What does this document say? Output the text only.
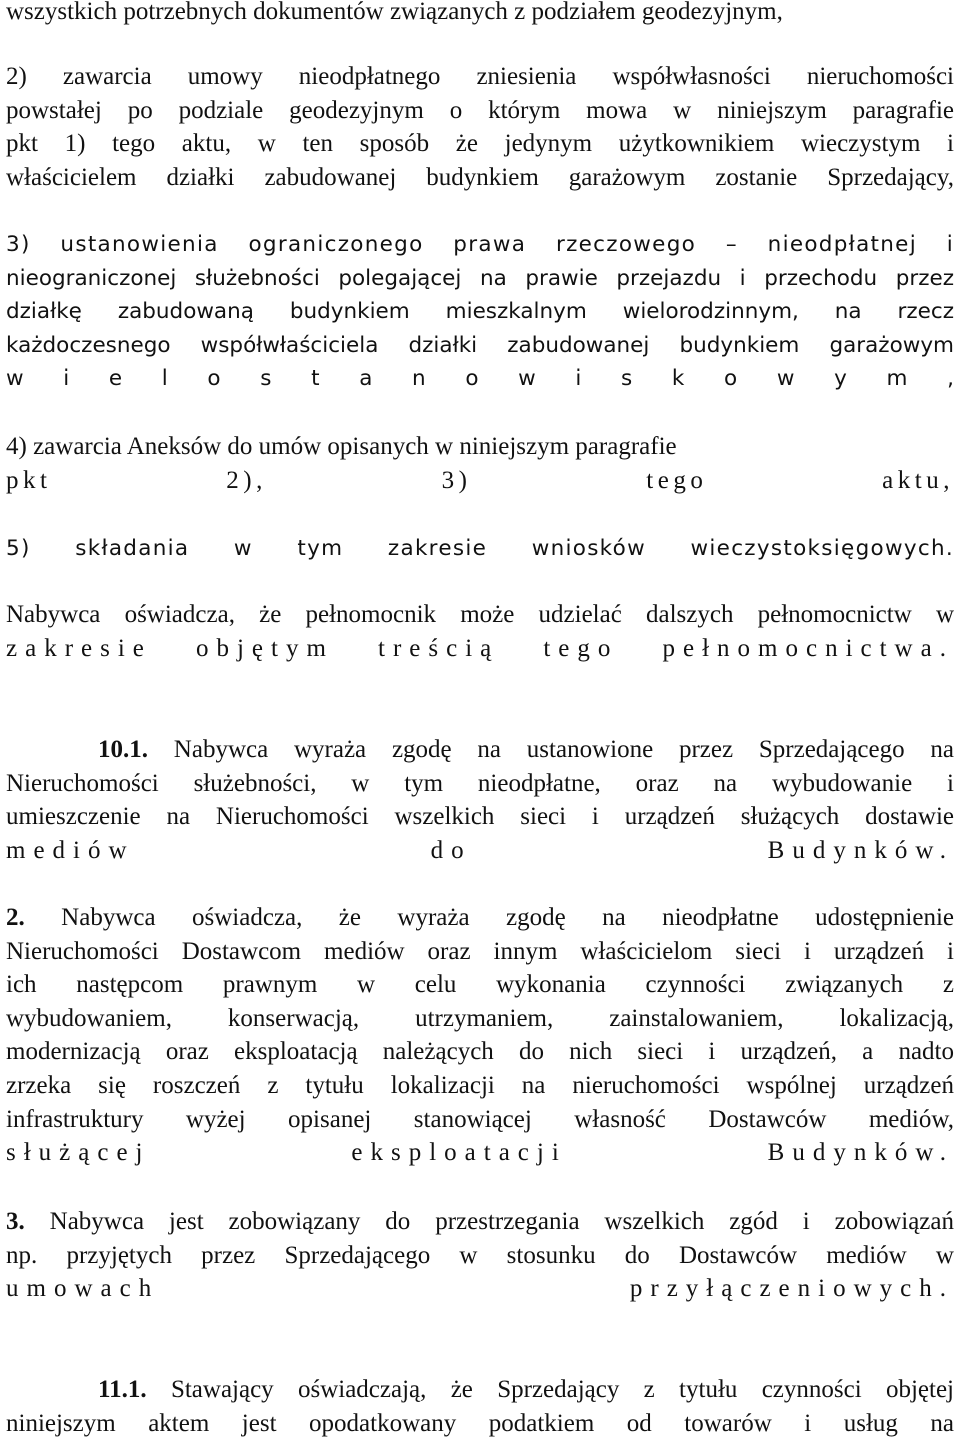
wszystkich potrzebnych dokumentów związanych z podziałem geodezyjnym,
2) zawarcia umowy nieodpłatnego zniesienia współwłasności nieruchomości
powstałej po podziale geodezyjnym o którym mowa w niniejszym paragrafie
pkt 1) tego aktu, w ten sposób że jedynym użytkownikiem wieczystym i
właścicielem działki zabudowanej budynkiem garażowym zostanie Sprzedający,
3) ustanowienia ograniczonego prawa rzeczowego – nieodpłatnej i
nieograniczonej służebności polegającej na prawie przejazdu i przechodu przez
działkę zabudowaną budynkiem mieszkalnym wielorodzinnym, na rzecz
każdoczesnego współwłaściciela działki zabudowanej budynkiem garażowym
w i e l o s t a n o w i s k o w y m ,
4) zawarcia Aneksów do umów opisanych w niniejszym paragrafie
pkt	2),	3)	tego	aktu,
5) składania w tym zakresie wniosków wieczystoksięgowych.
Nabywca oświadcza, że pełnomocnik może udzielać dalszych pełnomocnictw w
zakresie objętym treścią tego pełnomocnictwa.
10.1. Nabywca wyraża zgodę na ustanowione przez Sprzedającego na
Nieruchomości służebności, w tym nieodpłatne, oraz na wybudowanie i
umieszczenie na Nieruchomości wszelkich sieci i urządzeń służących dostawie
mediów	do	Budynków.
2. Nabywca oświadcza, że wyraża zgodę na nieodpłatne udostępnienie
Nieruchomości Dostawcom mediów oraz innym właścicielom sieci i urządzeń i
ich następcom prawnym w celu wykonania czynności związanych z
wybudowaniem, konserwacją, utrzymaniem, zainstalowaniem, lokalizacją,
modernizacją oraz eksploatacją należących do nich sieci i urządzeń, a nadto
zrzeka się roszczeń z tytułu lokalizacji na nieruchomości wspólnej urządzeń
infrastruktury wyżej opisanej stanowiącej własność Dostawców mediów,
służącej	eksploatacji	Budynków.
3. Nabywca jest zobowiązany do przestrzegania wszelkich zgód i zobowiązań
np. przyjętych przez Sprzedającego w stosunku do Dostawców mediów w
umowach	przyłączeniowych.
11.1. Stawający oświadczają, że Sprzedający z tytułu czynności objętej
niniejszym aktem jest opodatkowany podatkiem od towarów i usług na
